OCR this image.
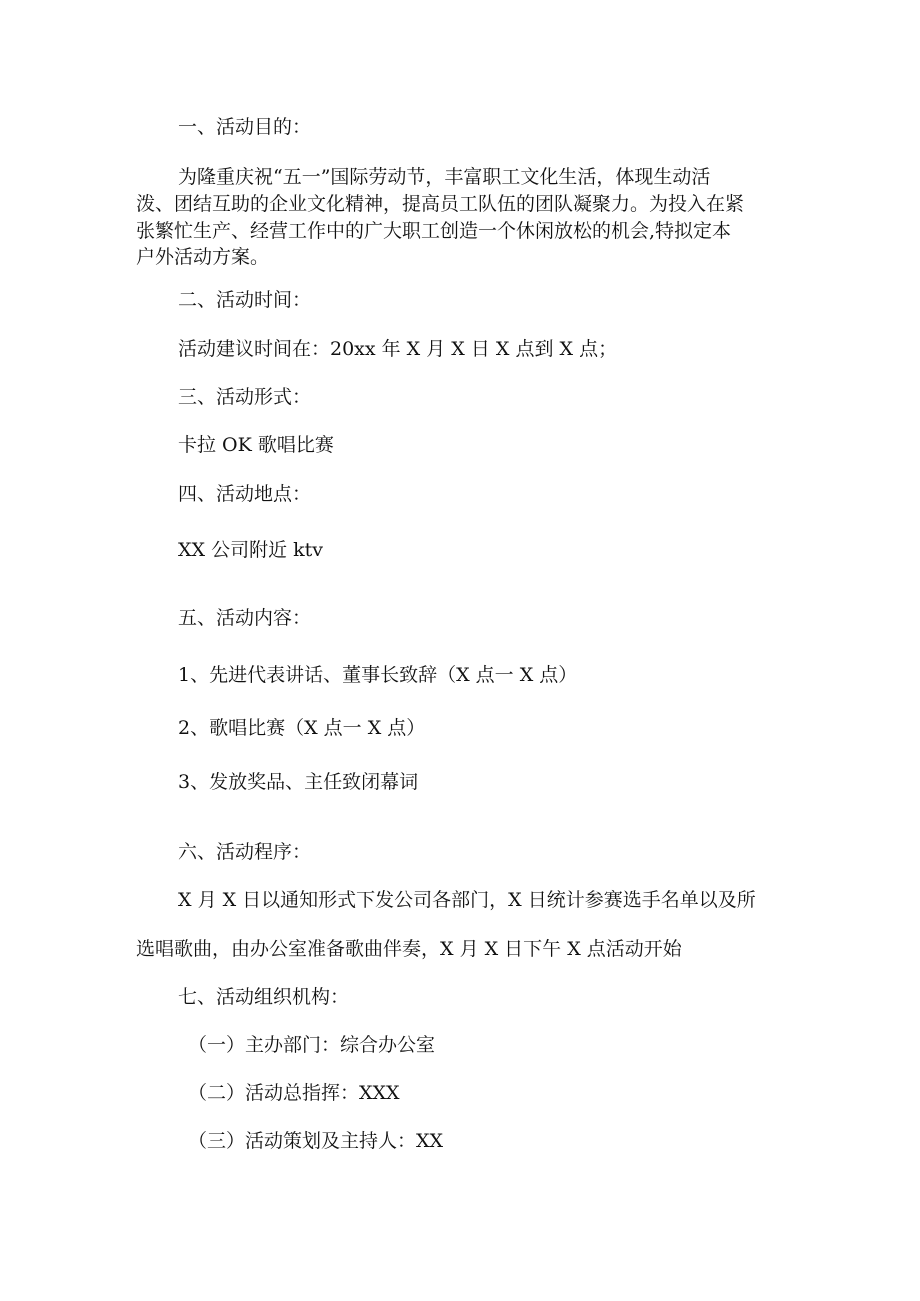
一、活动目的：
为隆重庆祝“五一”国际劳动节，丰富职工文化生活，体现生动活
泼、团结互助的企业文化精神，提高员工队伍的团队凝聚力。为投入在紧
张繁忙生产、经营工作中的广大职工创造一个休闲放松的机会,特拟定本
户外活动方案。
二、活动时间：
活动建议时间在：20xx 年 X 月 X 日 X 点到 X 点；
三、活动形式：
卡拉 OK 歌唱比赛
四、活动地点：
XX 公司附近 ktv
五、活动内容：
1、先进代表讲话、董事长致辞（X 点一 X 点）
2、歌唱比赛（X 点一 X 点）
3、发放奖品、主任致闭幕词
六、活动程序：
X 月 X 日以通知形式下发公司各部门，X 日统计参赛选手名单以及所
选唱歌曲，由办公室准备歌曲伴奏，X 月 X 日下午 X 点活动开始
七、活动组织机构：
（一）主办部门：综合办公室
（二）活动总指挥：XXX
（三）活动策划及主持人：XX
